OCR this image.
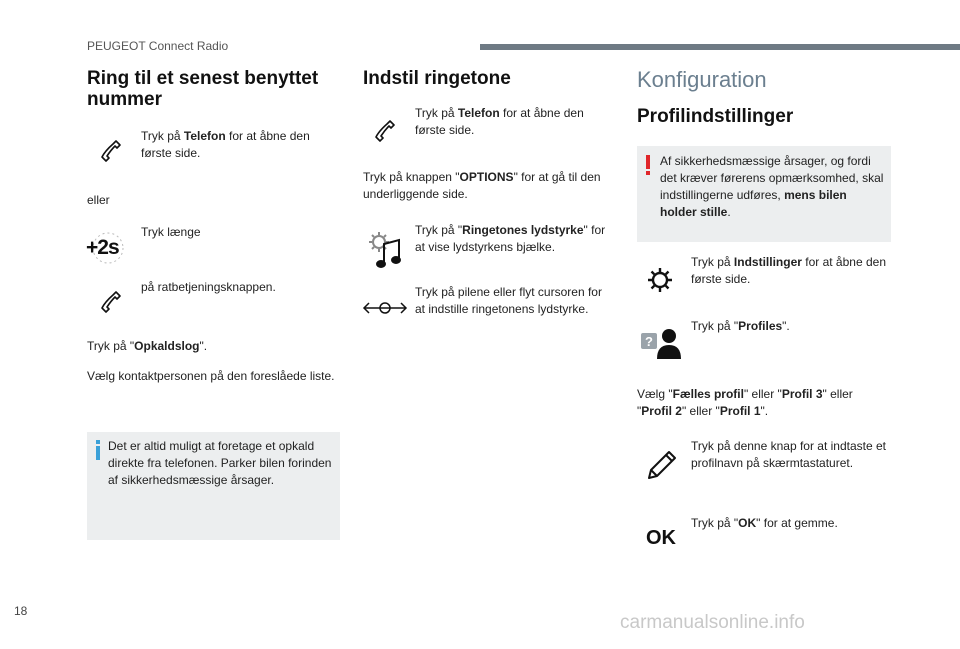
PEUGEOT Connect Radio
Ring til et senest benyttet nummer
Tryk på Telefon for at åbne den første side.
eller
+2s
Tryk længe
på ratbetjeningsknappen.
Tryk på "Opkaldslog".
Vælg kontaktpersonen på den foreslåede liste.
Det er altid muligt at foretage et opkald direkte fra telefonen. Parker bilen forinden af sikkerhedsmæssige årsager.
Indstil ringetone
Tryk på Telefon for at åbne den første side.
Tryk på knappen "OPTIONS" for at gå til den underliggende side.
Tryk på "Ringetones lydstyrke" for at vise lydstyrkens bjælke.
Tryk på pilene eller flyt cursoren for at indstille ringetonens lydstyrke.
Konfiguration
Profilindstillinger
Af sikkerhedsmæssige årsager, og fordi det kræver førerens opmærksomhed, skal indstillingerne udføres, mens bilen holder stille.
Tryk på Indstillinger for at åbne den første side.
?
Tryk på "Profiles".
Vælg "Fælles profil" eller "Profil 3" eller "Profil 2" eller "Profil 1".
Tryk på denne knap for at indtaste et profilnavn på skærmtastaturet.
OK
Tryk på "OK" for at gemme.
18
carmanualsonline.info
